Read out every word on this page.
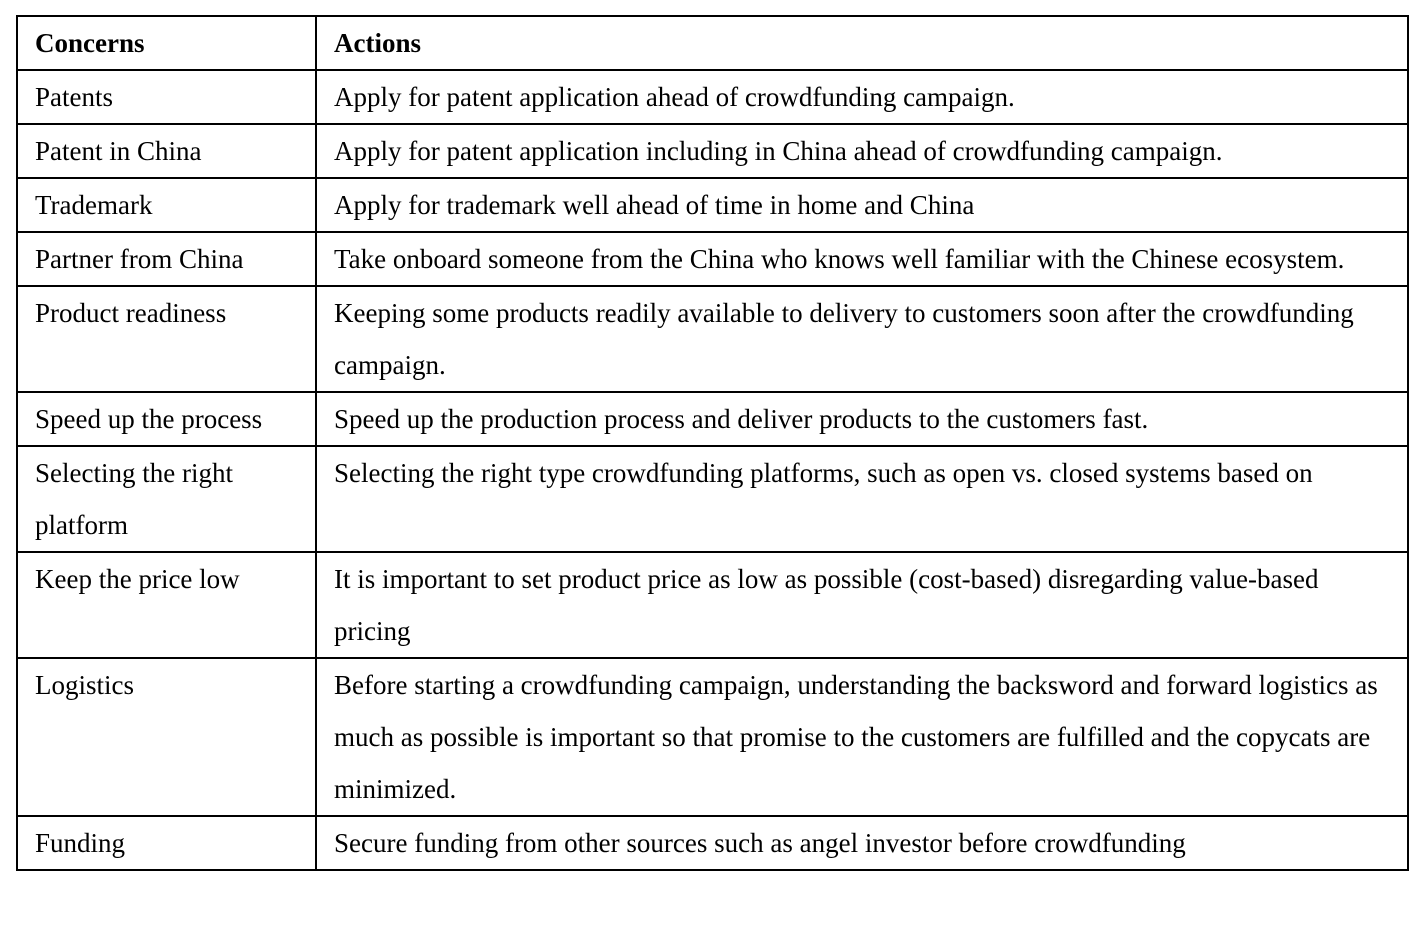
Concerns	Actions
Patents	Apply for patent application ahead of crowdfunding campaign.
Patent in China	Apply for patent application including in China ahead of crowdfunding campaign.
Trademark	Apply for trademark well ahead of time in home and China
Partner from China	Take onboard someone from the China who knows well familiar with the Chinese ecosystem.
Product readiness	Keeping some products readily available to delivery to customers soon after the crowdfunding campaign.
Speed up the process	Speed up the production process and deliver products to the customers fast.
Selecting the right platform	Selecting the right type crowdfunding platforms, such as open vs. closed systems based on
Keep the price low	It is important to set product price as low as possible (cost-based) disregarding value-based pricing
Logistics	Before starting a crowdfunding campaign, understanding the backsword and forward logistics as much as possible is important so that promise to the customers are fulfilled and the copycats are minimized.
Funding	Secure funding from other sources such as angel investor before crowdfunding
